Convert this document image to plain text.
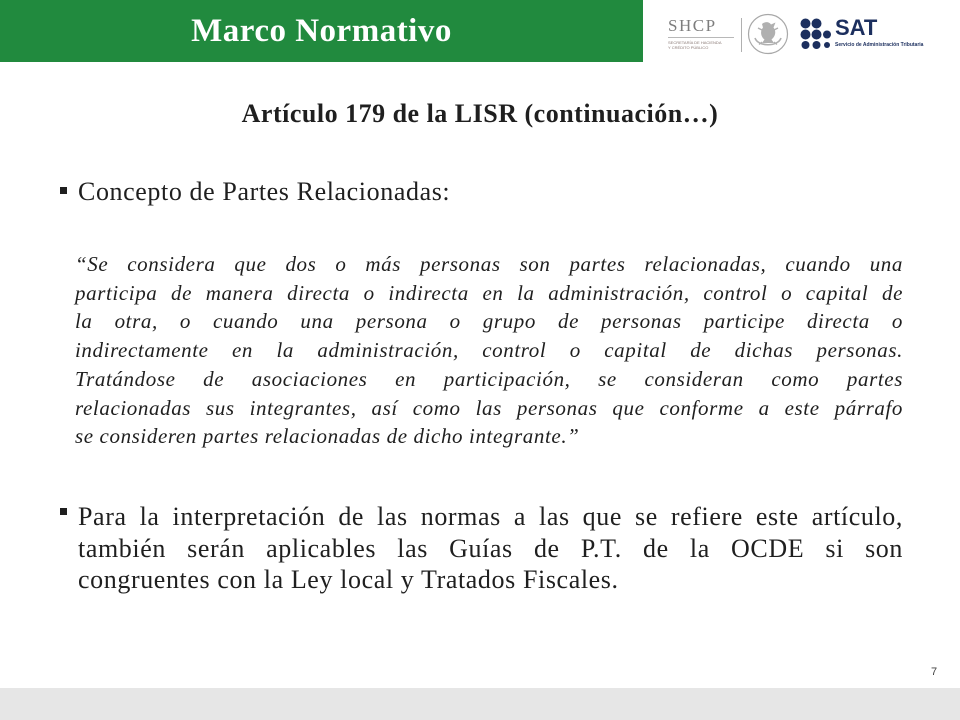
Marco Normativo	SHCP
SECRETARÍA DE HACIENDA
Y CRÉDITO PÚBLICO
SAT
Servicio de Administración Tributaria
Artículo 179 de la LISR (continuación…)
Concepto de Partes Relacionadas:
“Se considera que dos o más personas son partes relacionadas, cuando una
participa de manera directa o indirecta en la administración, control o capital de
la otra, o cuando una persona o grupo de personas participe directa o
indirectamente en la administración, control o capital de dichas personas.
Tratándose de asociaciones en participación, se consideran como partes
relacionadas sus integrantes, así como las personas que conforme a este párrafo
se consideren partes relacionadas de dicho integrante.”
Para la interpretación de las normas a las que se refiere este artículo,
también serán aplicables las Guías de P.T. de la OCDE si son
congruentes con la Ley local y Tratados Fiscales.
7
